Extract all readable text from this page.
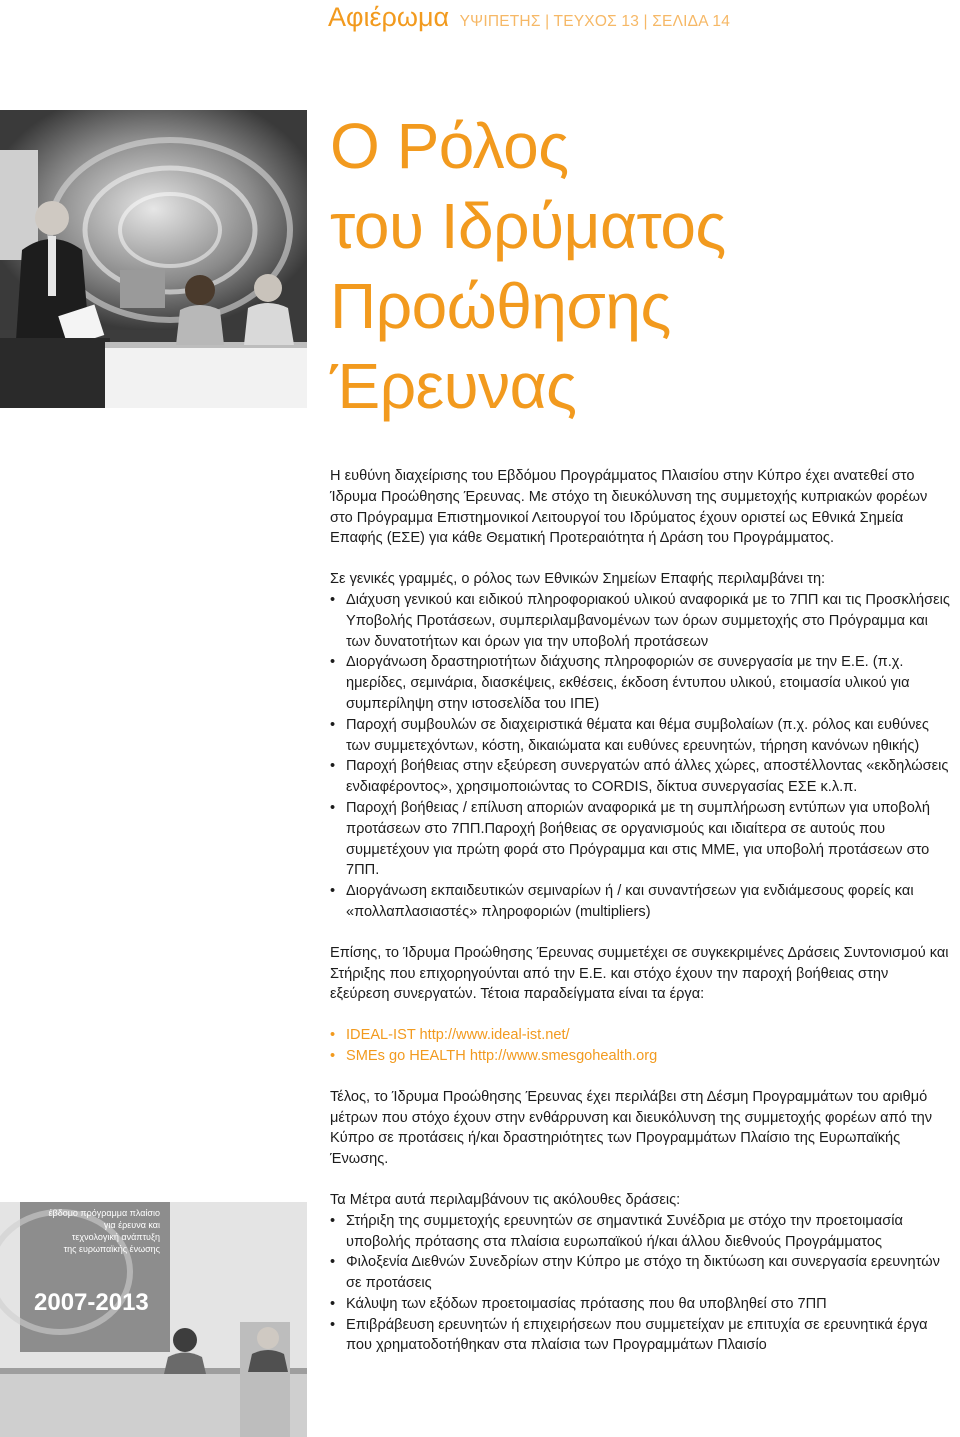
Αφιέρωμα ΥΨΙΠΕΤΗΣ | ΤΕΥΧΟΣ 13 | ΣΕΛΙΔΑ 14
Ο Ρόλος
του Ιδρύματος
Προώθησης
Έρευνας

Η ευθύνη διαχείρισης του Εβδόμου Προγράμματος Πλαισίου στην Κύπρο έχει ανατεθεί στο Ίδρυμα Προώθησης Έρευνας. Με στόχο τη διευκόλυνση της συμμετοχής κυπριακών φορέων στο Πρόγραμμα Επιστημονικοί Λειτουργοί του Ιδρύματος έχουν οριστεί ως Εθνικά Σημεία Επαφής (ΕΣΕ) για κάθε Θεματική Προτεραιότητα ή Δράση του Προγράμματος.

Σε γενικές γραμμές, ο ρόλος των Εθνικών Σημείων Επαφής περιλαμβάνει τη:

• Διάχυση γενικού και ειδικού πληροφοριακού υλικού αναφορικά με το 7ΠΠ και τις Προσκλήσεις Υποβολής Προτάσεων, συμπεριλαμβανομένων των όρων συμμετοχής στο Πρόγραμμα και των δυνατοτήτων και όρων για την υποβολή προτάσεων
• Διοργάνωση δραστηριοτήτων διάχυσης πληροφοριών σε συνεργασία με την Ε.Ε. (π.χ. ημερίδες, σεμινάρια, διασκέψεις, εκθέσεις, έκδοση έντυπου υλικού, ετοιμασία υλικού για συμπερίληψη στην ιστοσελίδα του ΙΠΕ)
• Παροχή συμβουλών σε διαχειριστικά θέματα και θέμα συμβολαίων (π.χ. ρόλος και ευθύνες των συμμετεχόντων, κόστη, δικαιώματα και ευθύνες ερευνητών, τήρηση κανόνων ηθικής)
• Παροχή βοήθειας στην εξεύρεση συνεργατών από άλλες χώρες, αποστέλλοντας «εκδηλώσεις ενδιαφέροντος», χρησιμοποιώντας το CORDIS, δίκτυα συνεργασίας ΕΣΕ κ.λ.π.
• Παροχή βοήθειας / επίλυση αποριών αναφορικά με τη συμπλήρωση εντύπων για υποβολή προτάσεων στο 7ΠΠ.Παροχή βοήθειας σε οργανισμούς και ιδιαίτερα σε αυτούς που συμμετέχουν για πρώτη φορά στο Πρόγραμμα και στις ΜΜΕ, για υποβολή προτάσεων στο 7ΠΠ.
• Διοργάνωση εκπαιδευτικών σεμιναρίων ή / και συναντήσεων για ενδιάμεσους φορείς και «πολλαπλασιαστές» πληροφοριών (multipliers)

Επίσης, το Ίδρυμα Προώθησης Έρευνας συμμετέχει σε συγκεκριμένες Δράσεις Συντονισμού και Στήριξης που επιχορηγούνται από την Ε.Ε. και στόχο έχουν την παροχή βοήθειας στην εξεύρεση συνεργατών. Τέτοια παραδείγματα είναι τα έργα:

• IDEAL-IST http://www.ideal-ist.net/
• SMEs go HEALTH http://www.smesgohealth.org

Τέλος, το Ίδρυμα Προώθησης Έρευνας έχει περιλάβει στη Δέσμη Προγραμμάτων του αριθμό μέτρων που στόχο έχουν στην ενθάρρυνση και διευκόλυνση της συμμετοχής φορέων από την Κύπρο σε προτάσεις ή/και δραστηριότητες των Προγραμμάτων Πλαίσιο της Ευρωπαϊκής Ένωσης.

Τα Μέτρα αυτά περιλαμβάνουν τις ακόλουθες δράσεις:

• Στήριξη της συμμετοχής ερευνητών σε σημαντικά Συνέδρια με στόχο την προετοιμασία υποβολής πρότασης στα πλαίσια ευρωπαϊκού ή/και άλλου διεθνούς Προγράμματος
• Φιλοξενία Διεθνών Συνεδρίων στην Κύπρο με στόχο τη δικτύωση και συνεργασία ερευνητών σε προτάσεις
• Κάλυψη των εξόδων προετοιμασίας πρότασης που θα υποβληθεί στο 7ΠΠ
• Επιβράβευση ερευνητών ή επιχειρήσεων που συμμετείχαν με επιτυχία σε ερευνητικά έργα που χρηματοδοτήθηκαν στα πλαίσια των Προγραμμάτων Πλαισίο
έβδομο πρόγραμμα πλαίσιο
για έρευνα και
τεχνολογική ανάπτυξη
της ευρωπαϊκής ένωσης
2007-2013
